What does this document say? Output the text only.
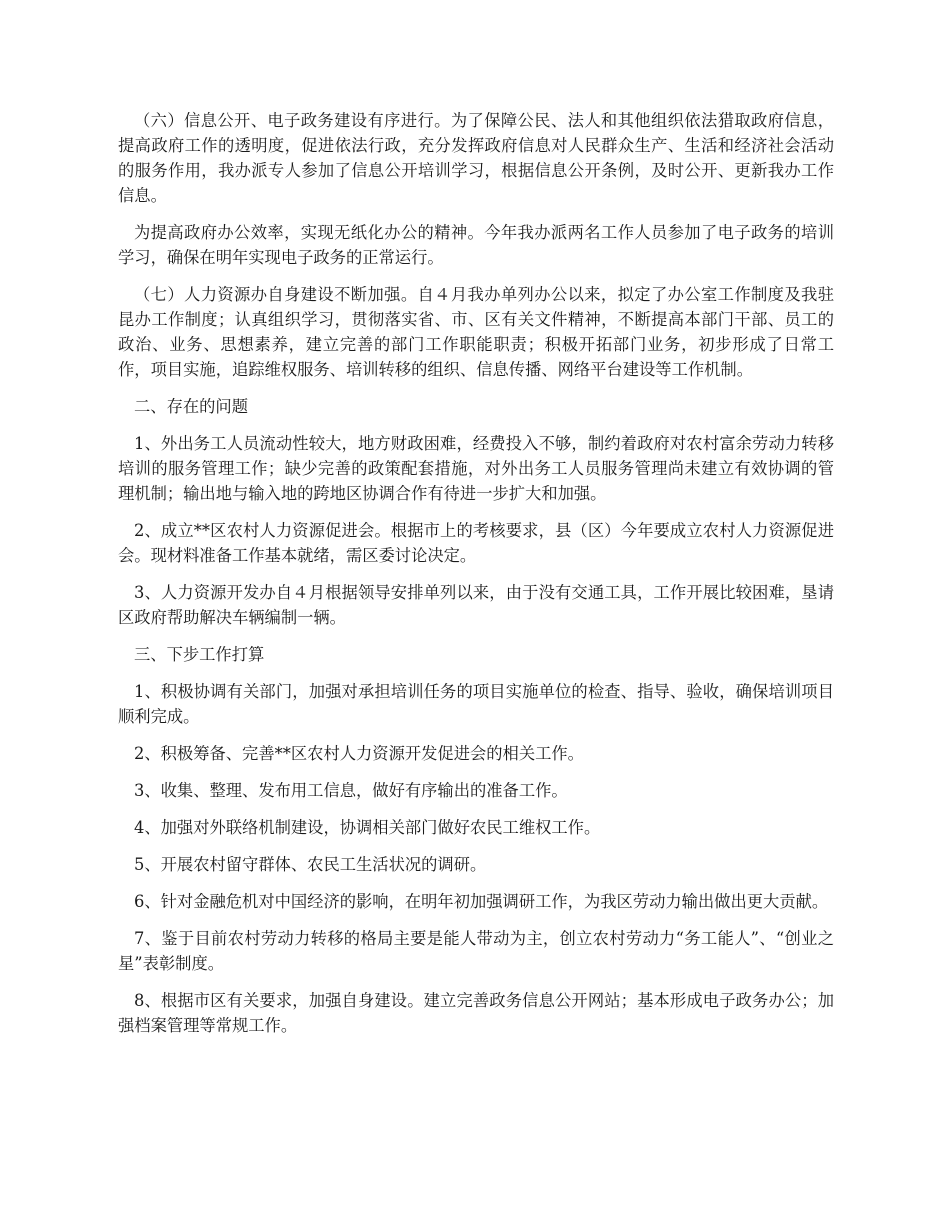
（六）信息公开、电子政务建设有序进行。为了保障公民、法人和其他组织依法猎取政府信息，提高政府工作的透明度，促进依法行政，充分发挥政府信息对人民群众生产、生活和经济社会活动的服务作用，我办派专人参加了信息公开培训学习，根据信息公开条例，及时公开、更新我办工作信息。

为提高政府办公效率，实现无纸化办公的精神。今年我办派两名工作人员参加了电子政务的培训学习，确保在明年实现电子政务的正常运行。

（七）人力资源办自身建设不断加强。自４月我办单列办公以来，拟定了办公室工作制度及我驻昆办工作制度；认真组织学习，贯彻落实省、市、区有关文件精神，不断提高本部门干部、员工的政治、业务、思想素养，建立完善的部门工作职能职责；积极开拓部门业务，初步形成了日常工作，项目实施，追踪维权服务、培训转移的组织、信息传播、网络平台建设等工作机制。

二、存在的问题

1、外出务工人员流动性较大，地方财政困难，经费投入不够，制约着政府对农村富余劳动力转移培训的服务管理工作；缺少完善的政策配套措施，对外出务工人员服务管理尚未建立有效协调的管理机制；输出地与输入地的跨地区协调合作有待进一步扩大和加强。

2、成立**区农村人力资源促进会。根据市上的考核要求，县（区）今年要成立农村人力资源促进会。现材料准备工作基本就绪，需区委讨论决定。

3、人力资源开发办自４月根据领导安排单列以来，由于没有交通工具，工作开展比较困难，垦请区政府帮助解决车辆编制一辆。

三、下步工作打算

1、积极协调有关部门，加强对承担培训任务的项目实施单位的检查、指导、验收，确保培训项目顺利完成。

2、积极筹备、完善**区农村人力资源开发促进会的相关工作。

3、收集、整理、发布用工信息，做好有序输出的准备工作。

4、加强对外联络机制建设，协调相关部门做好农民工维权工作。

5、开展农村留守群体、农民工生活状况的调研。

6、针对金融危机对中国经济的影响，在明年初加强调研工作，为我区劳动力输出做出更大贡献。

7、鉴于目前农村劳动力转移的格局主要是能人带动为主，创立农村劳动力“务工能人”、“创业之星”表彰制度。

8、根据市区有关要求，加强自身建设。建立完善政务信息公开网站；基本形成电子政务办公；加强档案管理等常规工作。
